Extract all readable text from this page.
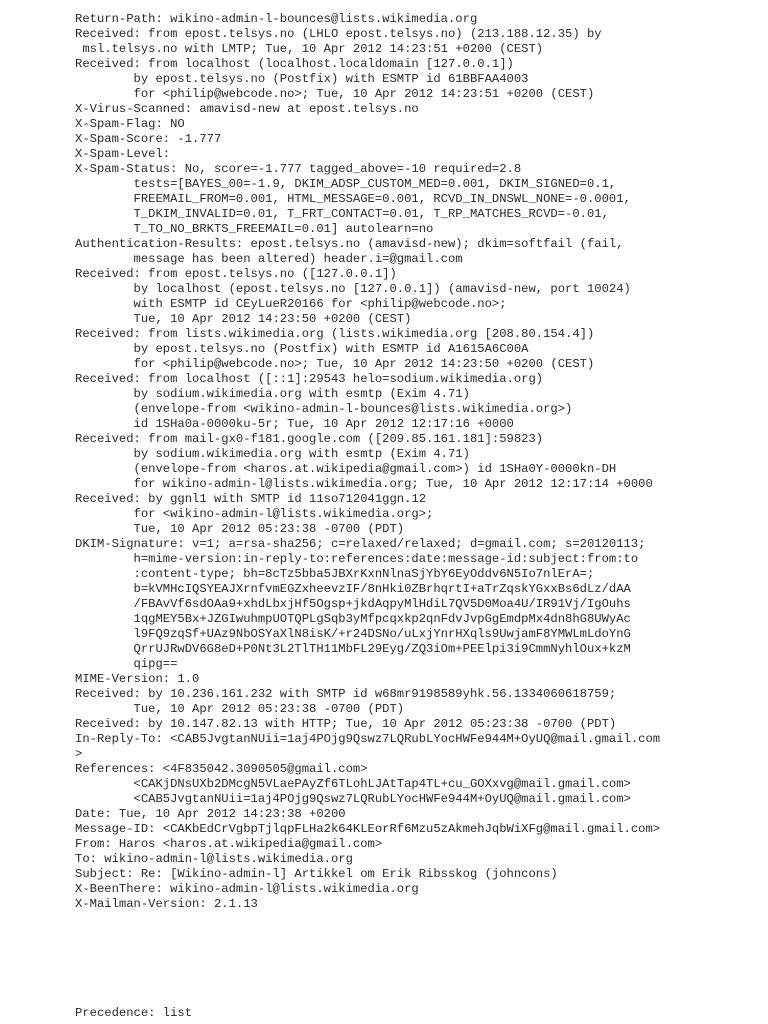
Return-Path: wikino-admin-l-bounces@lists.wikimedia.org
Received: from epost.telsys.no (LHLO epost.telsys.no) (213.188.12.35) by
msl.telsys.no with LMTP; Tue, 10 Apr 2012 14:23:51 +0200 (CEST)
Received: from localhost (localhost.localdomain [127.0.0.1])
by epost.telsys.no (Postfix) with ESMTP id 61BBFAA4003
for <philip@webcode.no>; Tue, 10 Apr 2012 14:23:51 +0200 (CEST)
X-Virus-Scanned: amavisd-new at epost.telsys.no
X-Spam-Flag: NO
X-Spam-Score: -1.777
X-Spam-Level:
X-Spam-Status: No, score=-1.777 tagged_above=-10 required=2.8
tests=[BAYES_00=-1.9, DKIM_ADSP_CUSTOM_MED=0.001, DKIM_SIGNED=0.1,
FREEMAIL_FROM=0.001, HTML_MESSAGE=0.001, RCVD_IN_DNSWL_NONE=-0.0001,
T_DKIM_INVALID=0.01, T_FRT_CONTACT=0.01, T_RP_MATCHES_RCVD=-0.01,
T_TO_NO_BRKTS_FREEMAIL=0.01] autolearn=no
Authentication-Results: epost.telsys.no (amavisd-new); dkim=softfail (fail,
message has been altered) header.i=@gmail.com
Received: from epost.telsys.no ([127.0.0.1])
by localhost (epost.telsys.no [127.0.0.1]) (amavisd-new, port 10024)
with ESMTP id CEyLueR20166 for <philip@webcode.no>;
Tue, 10 Apr 2012 14:23:50 +0200 (CEST)
Received: from lists.wikimedia.org (lists.wikimedia.org [208.80.154.4])
by epost.telsys.no (Postfix) with ESMTP id A1615A6C00A
for <philip@webcode.no>; Tue, 10 Apr 2012 14:23:50 +0200 (CEST)
Received: from localhost ([::1]:29543 helo=sodium.wikimedia.org)
by sodium.wikimedia.org with esmtp (Exim 4.71)
(envelope-from <wikino-admin-l-bounces@lists.wikimedia.org>)
id 1SHa0a-0000ku-5r; Tue, 10 Apr 2012 12:17:16 +0000
Received: from mail-gx0-f181.google.com ([209.85.161.181]:59823)
by sodium.wikimedia.org with esmtp (Exim 4.71)
(envelope-from <haros.at.wikipedia@gmail.com>) id 1SHa0Y-0000kn-DH
for wikino-admin-l@lists.wikimedia.org; Tue, 10 Apr 2012 12:17:14 +0000
Received: by ggnl1 with SMTP id 11so712041ggn.12
for <wikino-admin-l@lists.wikimedia.org>;
Tue, 10 Apr 2012 05:23:38 -0700 (PDT)
DKIM-Signature: v=1; a=rsa-sha256; c=relaxed/relaxed; d=gmail.com; s=20120113;
h=mime-version:in-reply-to:references:date:message-id:subject:from:to
:content-type; bh=8cTz5bba5JBXrKxnNlnaSjYbY6EyOddv6N5Io7nlErA=;
b=kVMHcIQSYEAJXrnfvmEGZxheevzIF/8nHki0ZBrhqrtI+aTrZqskYGxxBs6dLz/dAA
/FBAvVf6sdOAa9+xhdLbxjHf5Ogsp+jkdAqpyMlHdiL7QV5D0Moa4U/IR91Vj/IgOuhs
1qgMEY5Bx+JZGIwuhmpUOTQPLgSqb3yMfpcqxkp2qnFdvJvpGgEmdpMx4dn8hG8UWyAc
l9FQ9zqSf+UAz9NbOSYaXlN8isK/+r24DSNo/uLxjYnrHXqls9UwjamF8YMWLmLdoYnG
QrrUJRwDV6G8eD+P0Nt3L2TlTH11MbFL29Eyg/ZQ3iOm+PEElpi3i9CmmNyhlOux+kzM
qipg==
MIME-Version: 1.0
Received: by 10.236.161.232 with SMTP id w68mr9198589yhk.56.1334060618759;
Tue, 10 Apr 2012 05:23:38 -0700 (PDT)
Received: by 10.147.82.13 with HTTP; Tue, 10 Apr 2012 05:23:38 -0700 (PDT)
In-Reply-To: <CAB5JvgtanNUii=1aj4POjg9Qswz7LQRubLYocHWFe944M+OyUQ@mail.gmail.com
>
References: <4F835042.3090505@gmail.com>
<CAKjDNsUXb2DMcgN5VLaePAyZf6TLohLJAtTap4TL+cu_GOXxvg@mail.gmail.com>
<CAB5JvgtanNUii=1aj4POjg9Qswz7LQRubLYocHWFe944M+OyUQ@mail.gmail.com>
Date: Tue, 10 Apr 2012 14:23:38 +0200
Message-ID: <CAKbEdCrVgbpTjlqpFLHa2k64KLEorRf6Mzu5zAkmehJqbWiXFg@mail.gmail.com>
From: Haros <haros.at.wikipedia@gmail.com>
To: wikino-admin-l@lists.wikimedia.org
Subject: Re: [Wikino-admin-l] Artikkel om Erik Ribsskog (johncons)
X-BeenThere: wikino-admin-l@lists.wikimedia.org
X-Mailman-Version: 2.1.13
Precedence: list
